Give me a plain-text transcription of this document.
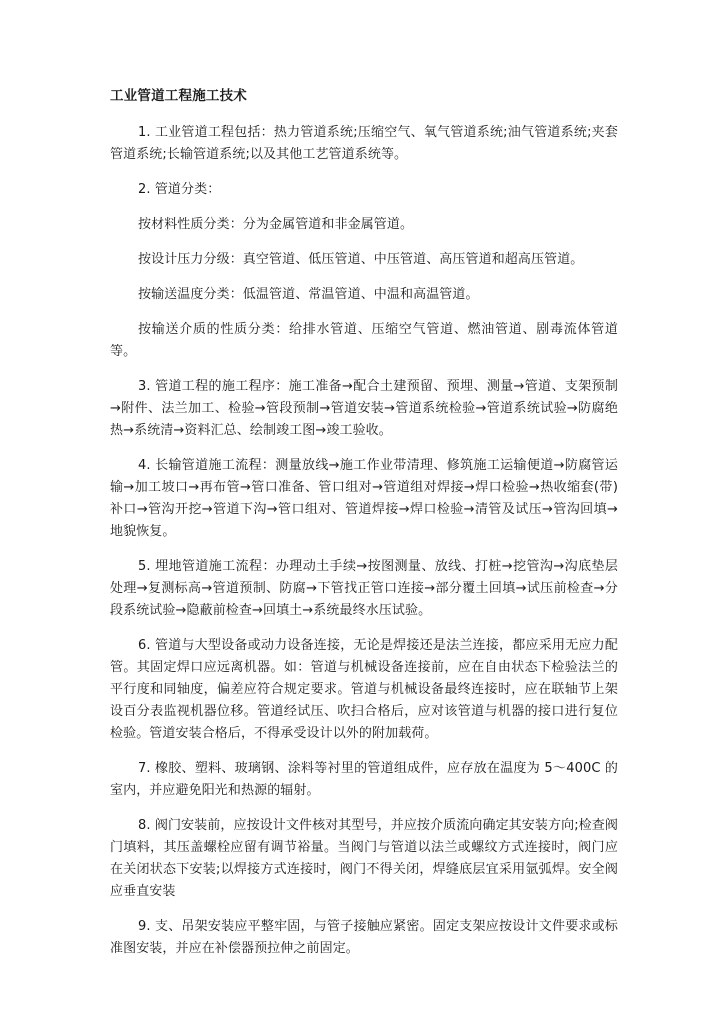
工业管道工程施工技术

1. 工业管道工程包括：热力管道系统;压缩空气、氧气管道系统;油气管道系统;夹套管道系统;长输管道系统;以及其他工艺管道系统等。

2. 管道分类：

按材料性质分类：分为金属管道和非金属管道。

按设计压力分级：真空管道、低压管道、中压管道、高压管道和超高压管道。

按输送温度分类：低温管道、常温管道、中温和高温管道。

按输送介质的性质分类：给排水管道、压缩空气管道、燃油管道、剧毒流体管道等。

3. 管道工程的施工程序：施工准备→配合土建预留、预埋、测量→管道、支架预制→附件、法兰加工、检验→管段预制→管道安装→管道系统检验→管道系统试验→防腐绝热→系统清→资料汇总、绘制竣工图→竣工验收。

4. 长输管道施工流程：测量放线→施工作业带清理、修筑施工运输便道→防腐管运输→加工坡口→再布管→管口准备、管口组对→管道组对焊接→焊口检验→热收缩套(带)补口→管沟开挖→管道下沟→管口组对、管道焊接→焊口检验→清管及试压→管沟回填→地貌恢复。

5. 埋地管道施工流程：办理动土手续→按图测量、放线、打桩→挖管沟→沟底垫层处理→复测标高→管道预制、防腐→下管找正管口连接→部分覆土回填→试压前检查→分段系统试验→隐蔽前检查→回填土→系统最终水压试验。

6. 管道与大型设备或动力设备连接，无论是焊接还是法兰连接，都应采用无应力配管。其固定焊口应远离机器。如：管道与机械设备连接前，应在自由状态下检验法兰的平行度和同轴度，偏差应符合规定要求。管道与机械设备最终连接时，应在联轴节上架设百分表监视机器位移。管道经试压、吹扫合格后，应对该管道与机器的接口进行复位检验。管道安装合格后，不得承受设计以外的附加载荷。

7. 橡胶、塑料、玻璃钢、涂料等衬里的管道组成件，应存放在温度为 5～400C 的室内，并应避免阳光和热源的辐射。

8. 阀门安装前，应按设计文件核对其型号，并应按介质流向确定其安装方向;检查阀门填料，其压盖螺栓应留有调节裕量。当阀门与管道以法兰或螺纹方式连接时，阀门应在关闭状态下安装;以焊接方式连接时，阀门不得关闭，焊缝底层宜采用氩弧焊。安全阀应垂直安装

9. 支、吊架安装应平整牢固，与管子接触应紧密。固定支架应按设计文件要求或标准图安装，并应在补偿器预拉伸之前固定。
